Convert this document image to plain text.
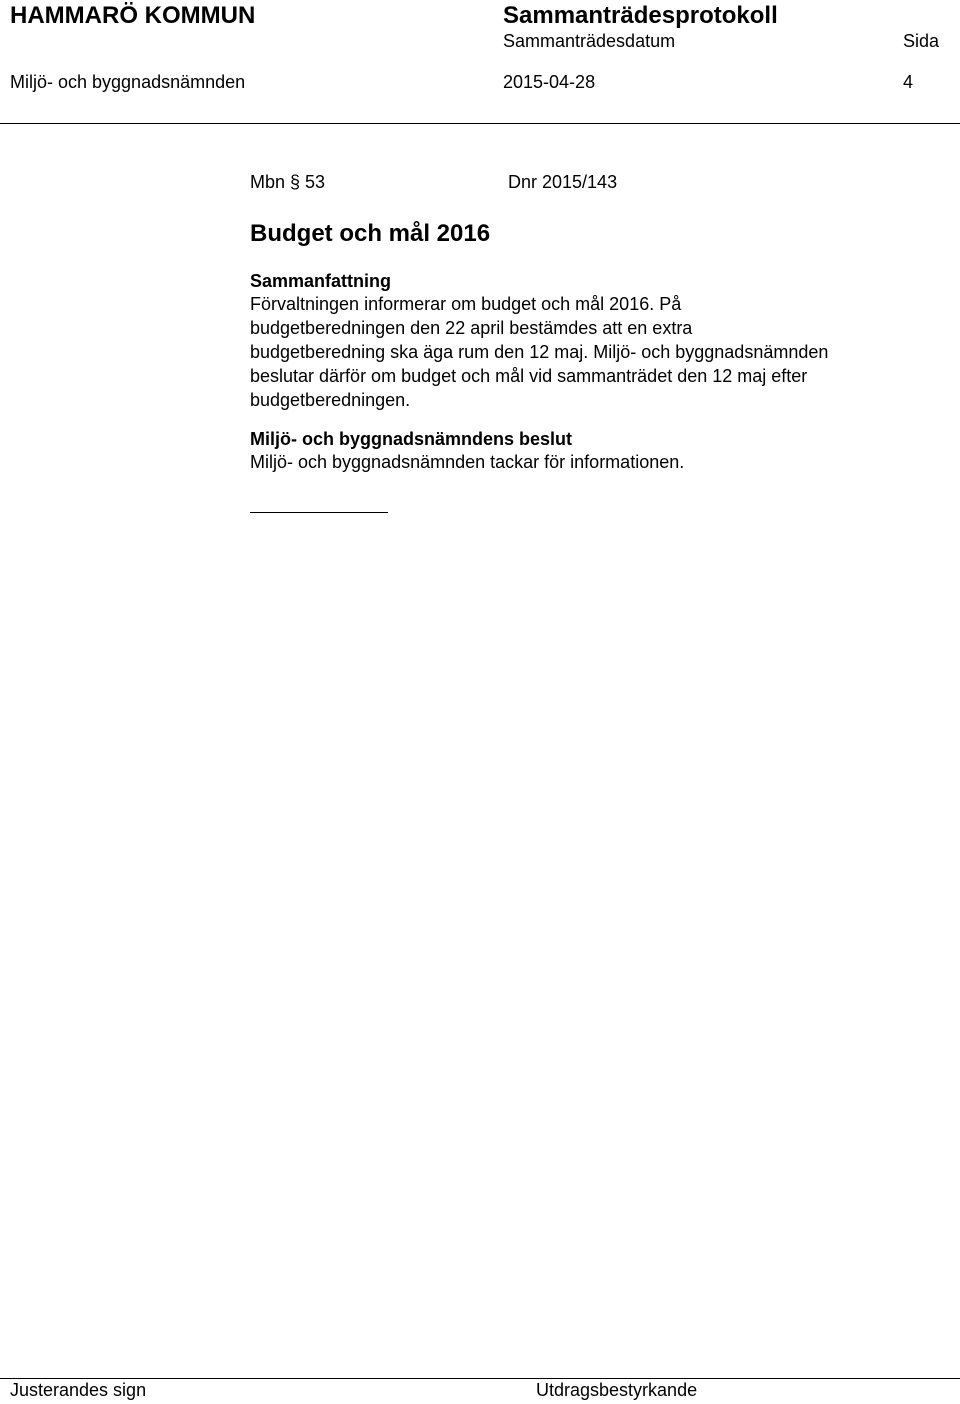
HAMMARÖ KOMMUN	Sammanträdesprotokoll
Sammanträdesdatum	Sida
Miljö- och byggnadsnämnden	2015-04-28	4
Mbn § 53	Dnr 2015/143
Budget och mål 2016
Sammanfattning
Förvaltningen informerar om budget och mål 2016. På
budgetberedningen den 22 april bestämdes att en extra
budgetberedning ska äga rum den 12 maj. Miljö- och byggnadsnämnden
beslutar därför om budget och mål vid sammanträdet den 12 maj efter
budgetberedningen.
Miljö- och byggnadsnämndens beslut
Miljö- och byggnadsnämnden tackar för informationen.
Justerandes sign	Utdragsbestyrkande
